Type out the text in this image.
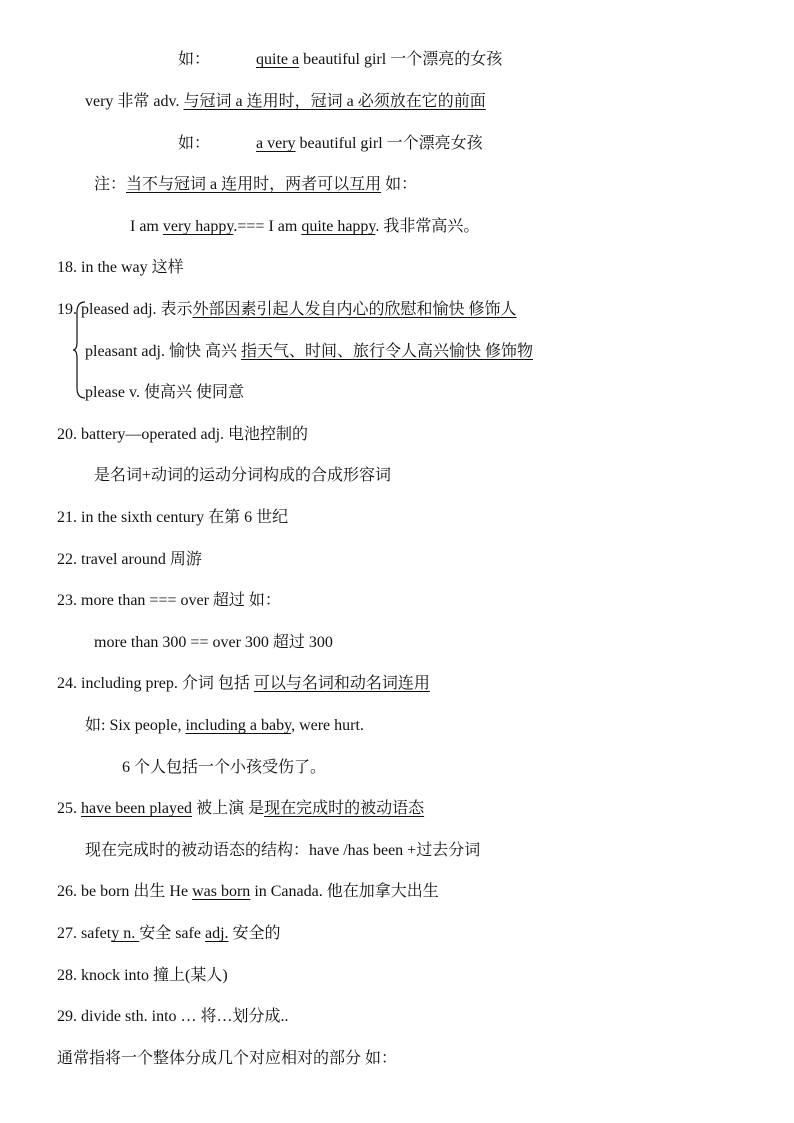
如：	quite a beautiful girl 一个漂亮的女孩
very 非常 adv. 与冠词 a 连用时，冠词 a 必须放在它的前面
如：	a very beautiful girl 一个漂亮女孩
注：当不与冠词 a 连用时，两者可以互用 如：
I am very happy.=== I am quite happy. 我非常高兴。
18. in the way 这样
19. pleased adj. 表示外部因素引起人发自内心的欣慰和愉快 修饰人
pleasant adj. 愉快 高兴 指天气、时间、旅行令人高兴愉快 修饰物
please v. 使高兴 使同意
20. battery—operated adj. 电池控制的
是名词+动词的运动分词构成的合成形容词
21. in the sixth century 在第 6 世纪
22. travel around 周游
23. more than === over 超过 如：
more than 300 == over 300 超过 300
24. including prep. 介词 包括 可以与名词和动名词连用
如: Six people, including a baby, were hurt.
6 个人包括一个小孩受伤了。
25. have been played 被上演 是现在完成时的被动语态
现在完成时的被动语态的结构：have /has been +过去分词
26. be born 出生 He was born in Canada. 他在加拿大出生
27. safety n. 安全 safe adj. 安全的
28. knock into 撞上(某人)
29. divide sth. into … 将…划分成..
通常指将一个整体分成几个对应相对的部分 如：
